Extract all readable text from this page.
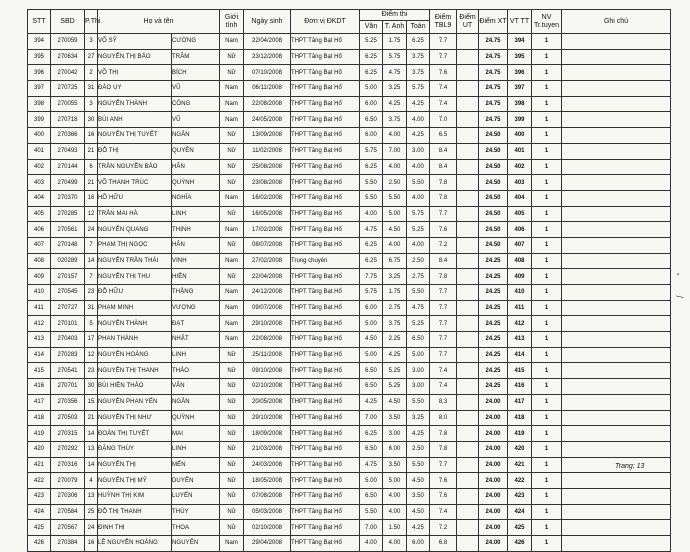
STT	SBD	P.Thi	Họ và tên		Giới tính	Ngày sinh	Đơn vị ĐKDT	Điểm thi			Điểm TBL9	Điểm UT	Điểm XT	VT TT	NV Tr.tuyen	Ghi chú
								Văn	T. Anh	Toán						
394	270059	3	VÕ SỸ	CƯỜNG	Nam	22/04/2008	THPT Tăng Bạt Hổ	5.25	1.75	6.25	7.7		24.75	394	1	
395	270634	27	NGUYỄN THỊ BẢO	TRÂM	Nữ	23/12/2008	THPT Tăng Bạt Hổ	6.25	5.75	3.75	7.7		24.75	395	1	
396	270042	2	VÕ THỊ	BÍCH	Nữ	07/10/2008	THPT Tăng Bạt Hổ	6.25	4.75	3.75	7.6		24.75	396	1	
397	270725	31	ĐÀO UY	VŨ	Nam	06/11/2008	THPT Tăng Bạt Hổ	5.00	3.25	5.75	7.4		24.75	397	1	
398	270055	3	NGUYỄN THÀNH	CÔNG	Nam	22/08/2008	THPT Tăng Bạt Hổ	6.00	4.25	4.25	7.4		24.75	398	1	
399	270718	30	BÙI ANH	VŨ	Nam	24/05/2008	THPT Tăng Bạt Hổ	6.50	3.75	4.00	7.0		24.75	399	1	
400	270366	16	NGUYỄN THỊ TUYẾT	NGÂN	Nữ	13/09/2008	THPT Tăng Bạt Hổ	6.00	4.00	4.25	6.5		24.50	400	1	
401	270493	21	ĐỖ THỊ	QUYÊN	Nữ	11/02/2008	THPT Tăng Bạt Hổ	5.75	7.00	3.00	8.4		24.50	401	1	
402	270144	6	TRẦN NGUYỄN BẢO	HÂN	Nữ	25/08/2008	THPT Tăng Bạt Hổ	6.25	4.00	4.00	8.4		24.50	402	1	
403	270499	21	VÕ THANH TRÚC	QUỲNH	Nữ	23/08/2008	THPT Tăng Bạt Hổ	5.50	2.50	5.50	7.8		24.50	403	1	
404	270370	16	HỒ HỮU	NGHĨA	Nam	16/02/2008	THPT Tăng Bạt Hổ	5.50	5.50	4.00	7.8		24.50	404	1	
405	270285	12	TRẦN MAI HÀ	LINH	Nữ	16/05/2008	THPT Tăng Bạt Hổ	4.00	5.00	5.75	7.7		24.50	405	1	
406	270561	24	NGUYỄN QUANG	THỊNH	Nam	17/02/2008	THPT Tăng Bạt Hổ	4.75	4.50	5.25	7.6		24.50	406	1	
407	270148	7	PHẠM THỊ NGỌC	HÂN	Nữ	08/07/2008	THPT Tăng Bạt Hổ	6.25	4.00	4.00	7.2		24.50	407	1	
408	020289	14	NGUYỄN TRẦN THÁI	VINH	Nam	27/02/2008	Trung chuyên	6.25	6.75	2.50	8.4		24.25	408	1	
409	270157	7	NGUYỄN THỊ THU	HIỀN	Nữ	22/04/2008	THPT Tăng Bạt Hổ	7.75	3.25	2.75	7.8		24.25	409	1	
410	270545	23	ĐỖ HỮU	THẮNG	Nam	24/12/2008	THPT Tăng Bạt Hổ	5.75	1.75	5.50	7.7		24.25	410	1	
411	270727	31	PHẠM MINH	VƯƠNG	Nam	09/07/2008	THPT Tăng Bạt Hổ	6.00	2.75	4.75	7.7		24.25	411	1	
412	270101	5	NGUYỄN THÀNH	ĐẠT	Nam	29/10/2008	THPT Tăng Bạt Hổ	5.00	3.75	5.25	7.7		24.25	412	1	
413	270403	17	PHAN THÀNH	NHẬT	Nam	22/08/2008	THPT Tăng Bạt Hổ	4.50	2.25	6.50	7.7		24.25	413	1	
414	270283	12	NGUYỄN HOÀNG	LINH	Nữ	25/11/2008	THPT Tăng Bạt Hổ	5.00	4.25	5.00	7.7		24.25	414	1	
415	270541	23	NGUYỄN THỊ THANH	THẢO	Nữ	09/10/2008	THPT Tăng Bạt Hổ	6.50	5.25	3.00	7.4		24.25	415	1	
416	270701	30	BÙI HIỀN THẢO	VÂN	Nữ	02/10/2008	THPT Tăng Bạt Hổ	6.50	5.25	3.00	7.4		24.25	416	1	
417	270356	15	NGUYỄN PHAN YẾN	NGÂN	Nữ	20/05/2008	THPT Tăng Bạt Hổ	4.25	4.50	5.50	8.3		24.00	417	1	
418	270503	21	NGUYỄN THỊ NHƯ	QUỲNH	Nữ	29/10/2008	THPT Tăng Bạt Hổ	7.00	3.50	3.25	8.0		24.00	418	1	
419	270315	14	ĐOÀN THỊ TUYẾT	MAI	Nữ	18/09/2008	THPT Tăng Bạt Hổ	6.25	3.00	4.25	7.8		24.00	419	1	
420	270292	13	ĐẶNG THÙY	LINH	Nữ	21/03/2008	THPT Tăng Bạt Hổ	6.50	6.00	2.50	7.8		24.00	420	1	
421	270316	14	NGUYỄN THỊ	MẾN	Nữ	24/03/2008	THPT Tăng Bạt Hổ	4.75	3.50	5.50	7.7		24.00	421	1	
422	270079	4	NGUYỄN THỊ MỸ	DUYÊN	Nữ	18/05/2008	THPT Tăng Bạt Hổ	5.00	5.00	4.50	7.6		24.00	422	1	
423	270306	13	HUỲNH THỊ KIM	LUYẾN	Nữ	07/08/2008	THPT Tăng Bạt Hổ	6.50	4.00	3.50	7.6		24.00	423	1	
424	270584	25	ĐỖ THỊ THANH	THÚY	Nữ	05/03/2008	THPT Tăng Bạt Hổ	5.50	4.00	4.50	7.4		24.00	424	1	
425	270567	24	ĐINH THỊ	THOA	Nữ	02/10/2008	THPT Tăng Bạt Hổ	7.00	1.50	4.25	7.2		24.00	425	1	
426	270384	16	LÊ NGUYỄN HOÀNG	NGUYÊN	Nam	29/04/2008	THPT Tăng Bạt Hổ	4.00	4.00	6.00	6.8		24.00	426	1	
Trang: 13
‚
⁄
